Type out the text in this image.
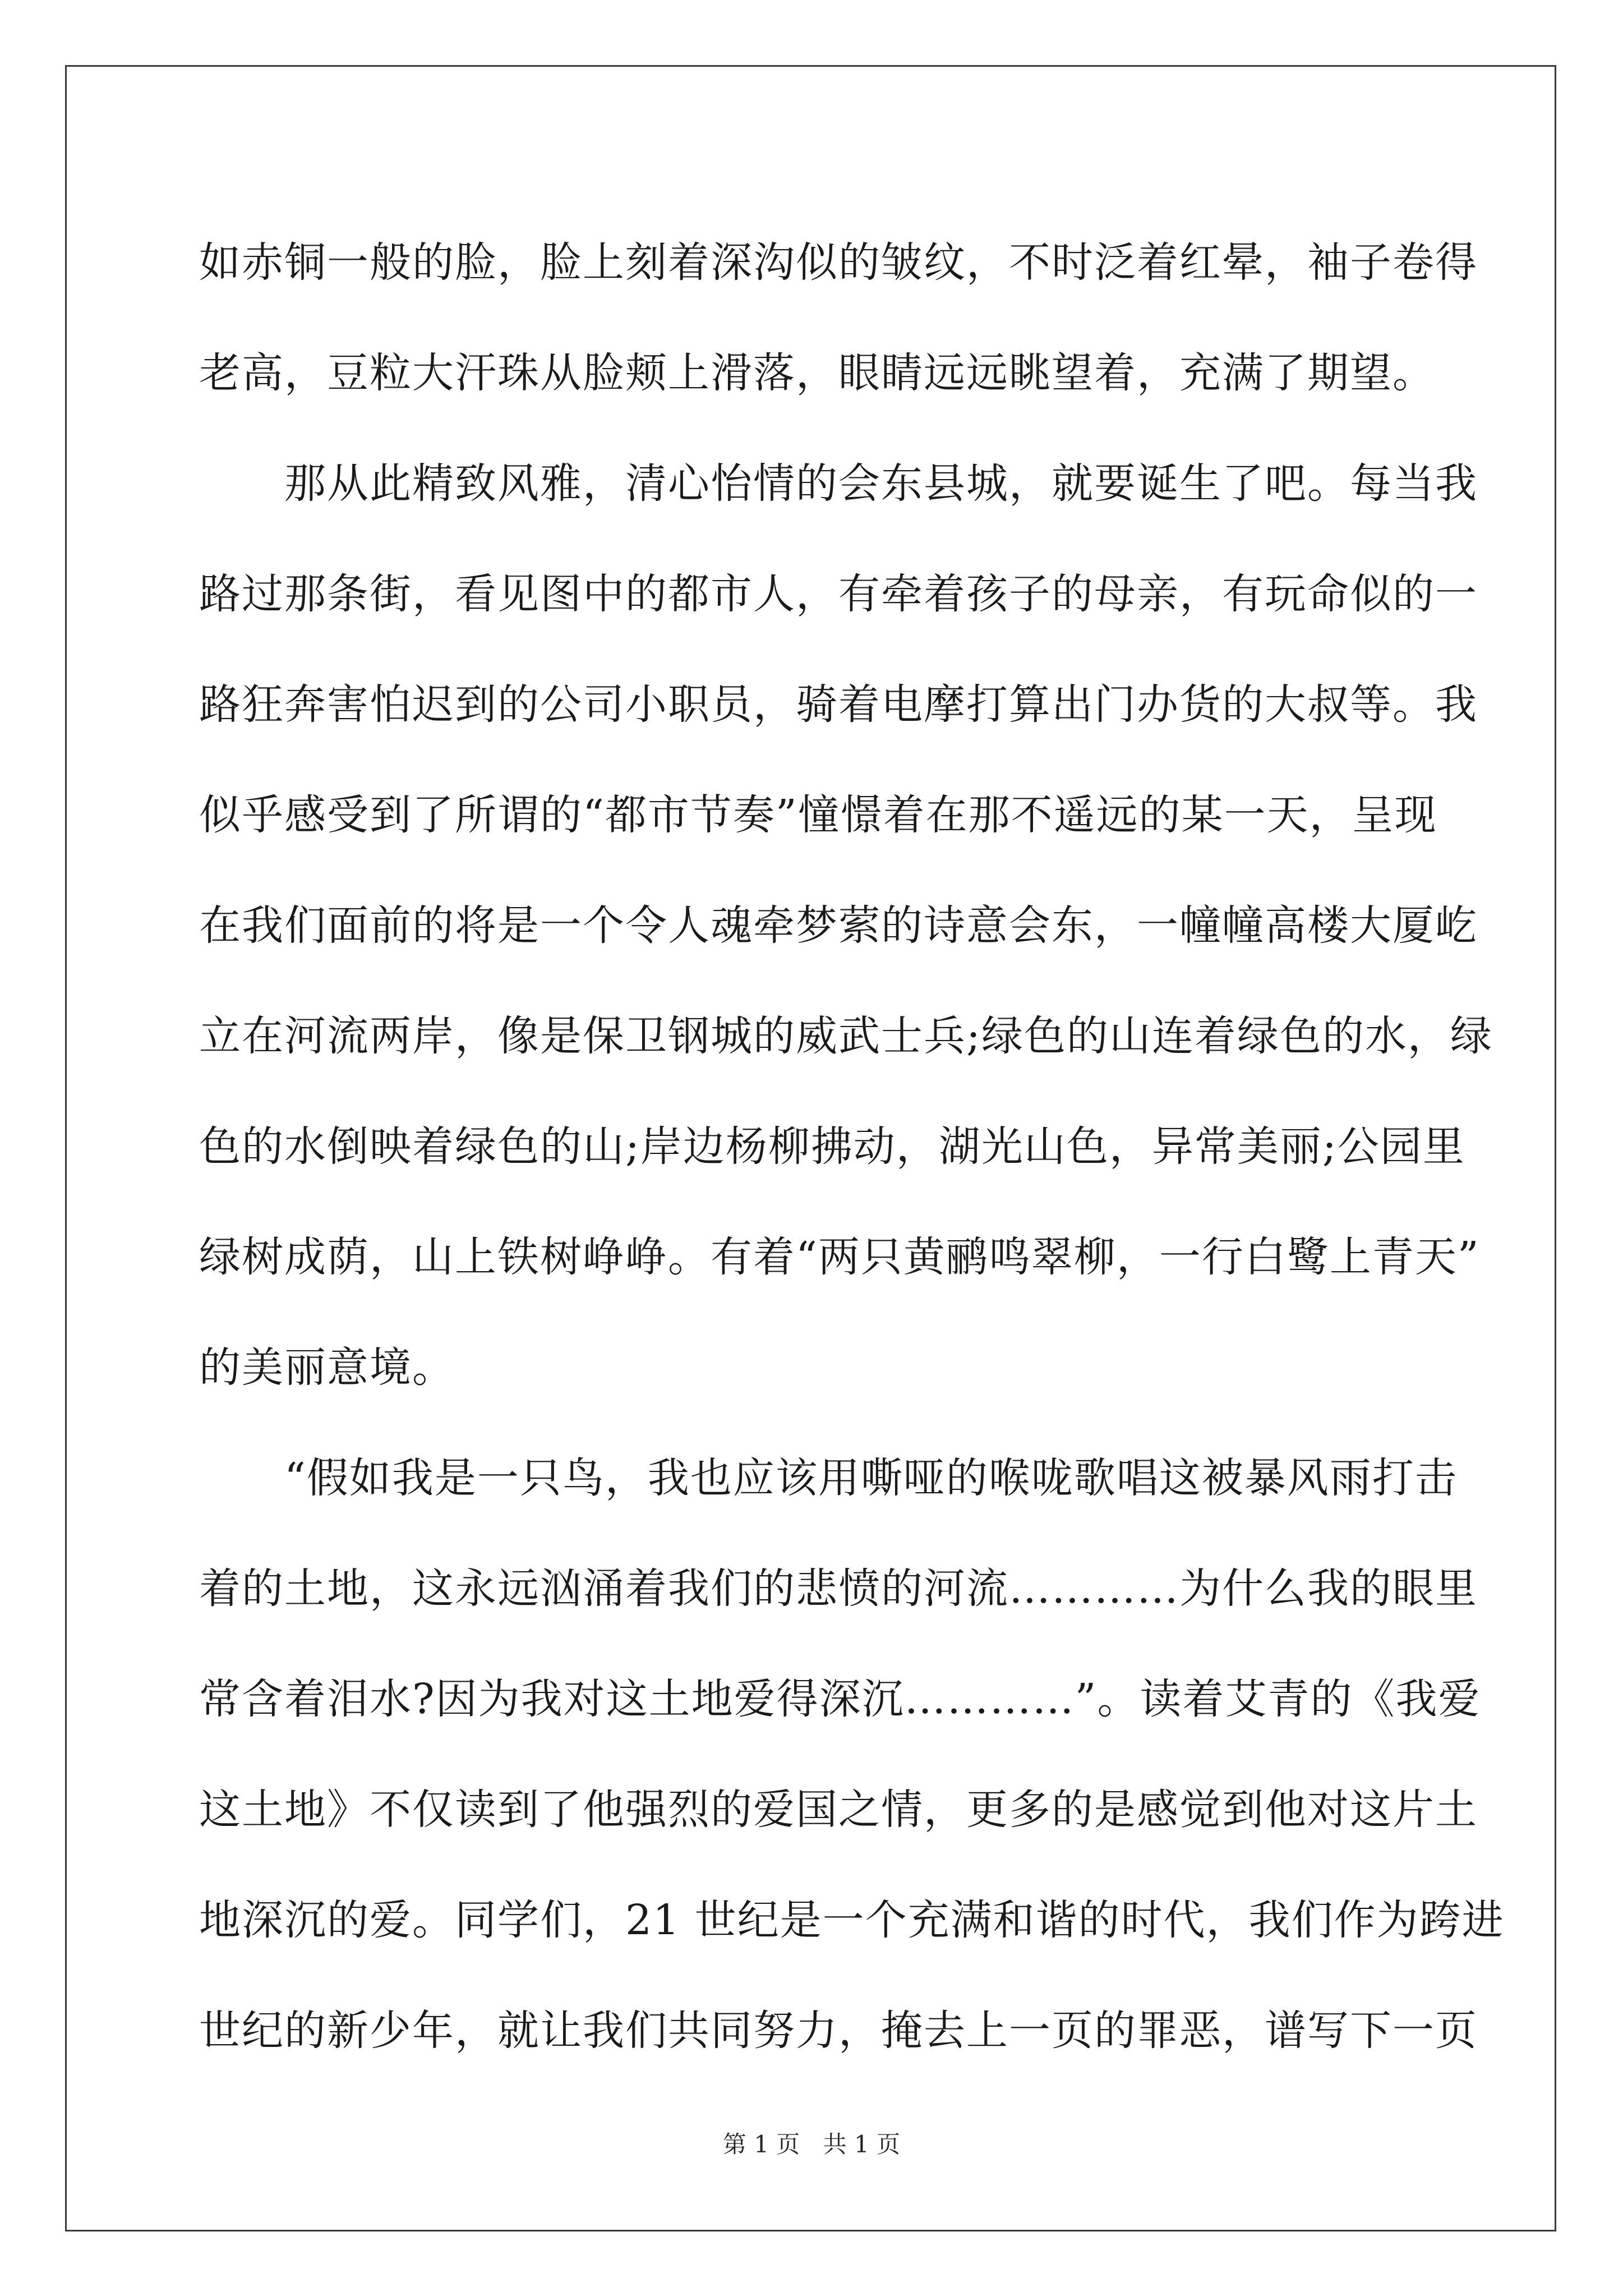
如赤铜一般的脸，脸上刻着深沟似的皱纹，不时泛着红晕，袖子卷得
老高，豆粒大汗珠从脸颊上滑落，眼睛远远眺望着，充满了期望。
　　那从此精致风雅，清心怡情的会东县城，就要诞生了吧。每当我
路过那条街，看见图中的都市人，有牵着孩子的母亲，有玩命似的一
路狂奔害怕迟到的公司小职员，骑着电摩打算出门办货的大叔等。我
似乎感受到了所谓的“都市节奏”憧憬着在那不遥远的某一天，呈现
在我们面前的将是一个令人魂牵梦萦的诗意会东，一幢幢高楼大厦屹
立在河流两岸，像是保卫钢城的威武士兵;绿色的山连着绿色的水，绿
色的水倒映着绿色的山;岸边杨柳拂动，湖光山色，异常美丽;公园里
绿树成荫，山上铁树峥峥。有着“两只黄鹂鸣翠柳，一行白鹭上青天”
的美丽意境。
　　“假如我是一只鸟，我也应该用嘶哑的喉咙歌唱这被暴风雨打击
着的土地，这永远汹涌着我们的悲愤的河流…………为什么我的眼里
常含着泪水?因为我对这土地爱得深沉…………”。读着艾青的《我爱
这土地》不仅读到了他强烈的爱国之情，更多的是感觉到他对这片土
地深沉的爱。同学们，21 世纪是一个充满和谐的时代，我们作为跨进
世纪的新少年，就让我们共同努力，掩去上一页的罪恶，谱写下一页
第 1 页 共 1 页
